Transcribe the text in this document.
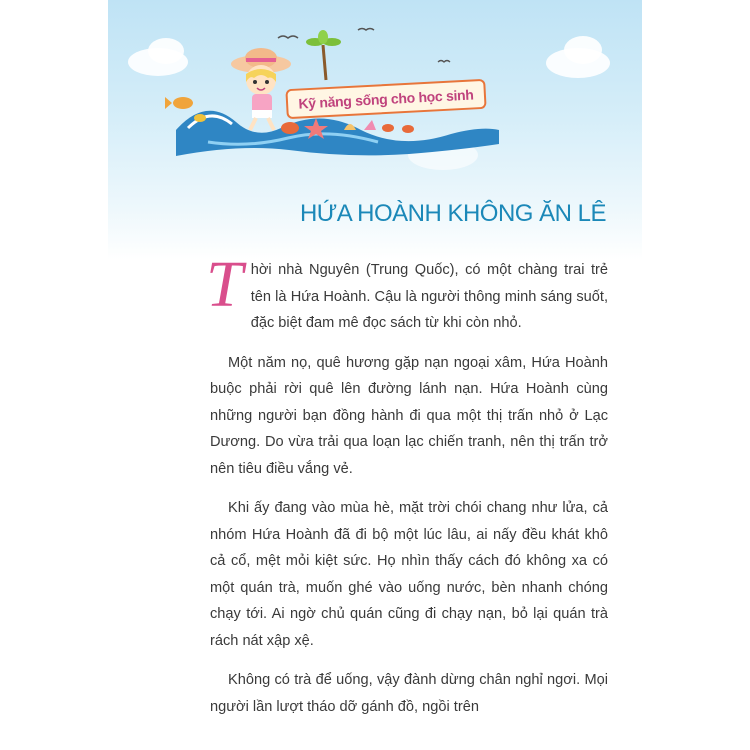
Kỹ năng sống cho học sinh
HỨA HOÀNH KHÔNG ĂN LÊ

Thời nhà Nguyên (Trung Quốc), có một chàng trai trẻ tên là Hứa Hoành. Cậu là người thông minh sáng suốt, đặc biệt đam mê đọc sách từ khi còn nhỏ.

Một năm nọ, quê hương gặp nạn ngoại xâm, Hứa Hoành buộc phải rời quê lên đường lánh nạn. Hứa Hoành cùng những người bạn đồng hành đi qua một thị trấn nhỏ ở Lạc Dương. Do vừa trải qua loạn lạc chiến tranh, nên thị trấn trở nên tiêu điều vắng vẻ.

Khi ấy đang vào mùa hè, mặt trời chói chang như lửa, cả nhóm Hứa Hoành đã đi bộ một lúc lâu, ai nấy đều khát khô cả cổ, mệt mỏi kiệt sức. Họ nhìn thấy cách đó không xa có một quán trà, muốn ghé vào uống nước, bèn nhanh chóng chạy tới. Ai ngờ chủ quán cũng đi chạy nạn, bỏ lại quán trà rách nát xập xệ.

Không có trà để uống, vậy đành dừng chân nghỉ ngơi. Mọi người lần lượt tháo dỡ gánh đồ, ngồi trên
